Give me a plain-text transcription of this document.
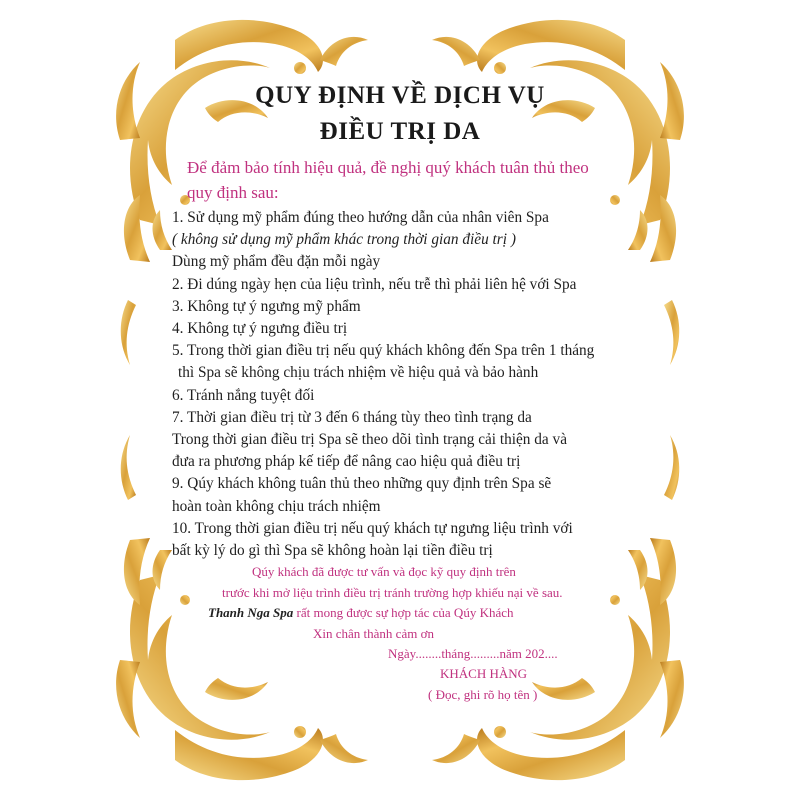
QUY ĐỊNH VỀ DỊCH VỤ
ĐIỀU TRỊ DA
Để đảm bảo tính hiệu quả, đề nghị quý khách tuân thủ theo
quy định sau:
1. Sử dụng mỹ phẩm đúng theo hướng dẫn của nhân viên Spa
( không sử dụng mỹ phẩm khác trong thời gian điều trị )
Dùng mỹ phẩm đều đặn mỗi ngày
2. Đi dúng ngày hẹn của liệu trình, nếu trễ thì phải liên hệ với Spa
3. Không tự ý ngưng mỹ phẩm
4. Không tự ý ngưng điều trị
5. Trong thời gian điều trị nếu quý khách không đến Spa trên 1 tháng
thì Spa sẽ không chịu trách nhiệm về hiệu quả và bảo hành
6. Tránh nắng tuyệt đối
7. Thời gian điều trị từ 3 đến 6 tháng tùy theo tình trạng da
Trong thời gian điều trị Spa sẽ theo dõi tình trạng cải thiện da và
đưa ra phương pháp kế tiếp để nâng cao hiệu quả điều trị
9. Qúy khách không tuân thủ theo những quy định trên Spa sẽ
hoàn toàn không chịu trách nhiệm
10. Trong thời gian điều trị nếu quý khách tự ngưng liệu trình với
bất kỳ lý do gì thì Spa sẽ không hoàn lại tiền điều trị
Qúy khách đã được tư vấn và đọc kỹ quy định trên
trước khi mở liệu trình điều trị tránh trường hợp khiếu nại về sau.
Thanh Nga Spa rất mong được sự hợp tác của Qúy Khách
Xin chân thành cảm ơn
Ngày........tháng.........năm 202....
KHÁCH HÀNG
( Đọc, ghi rõ họ tên )
